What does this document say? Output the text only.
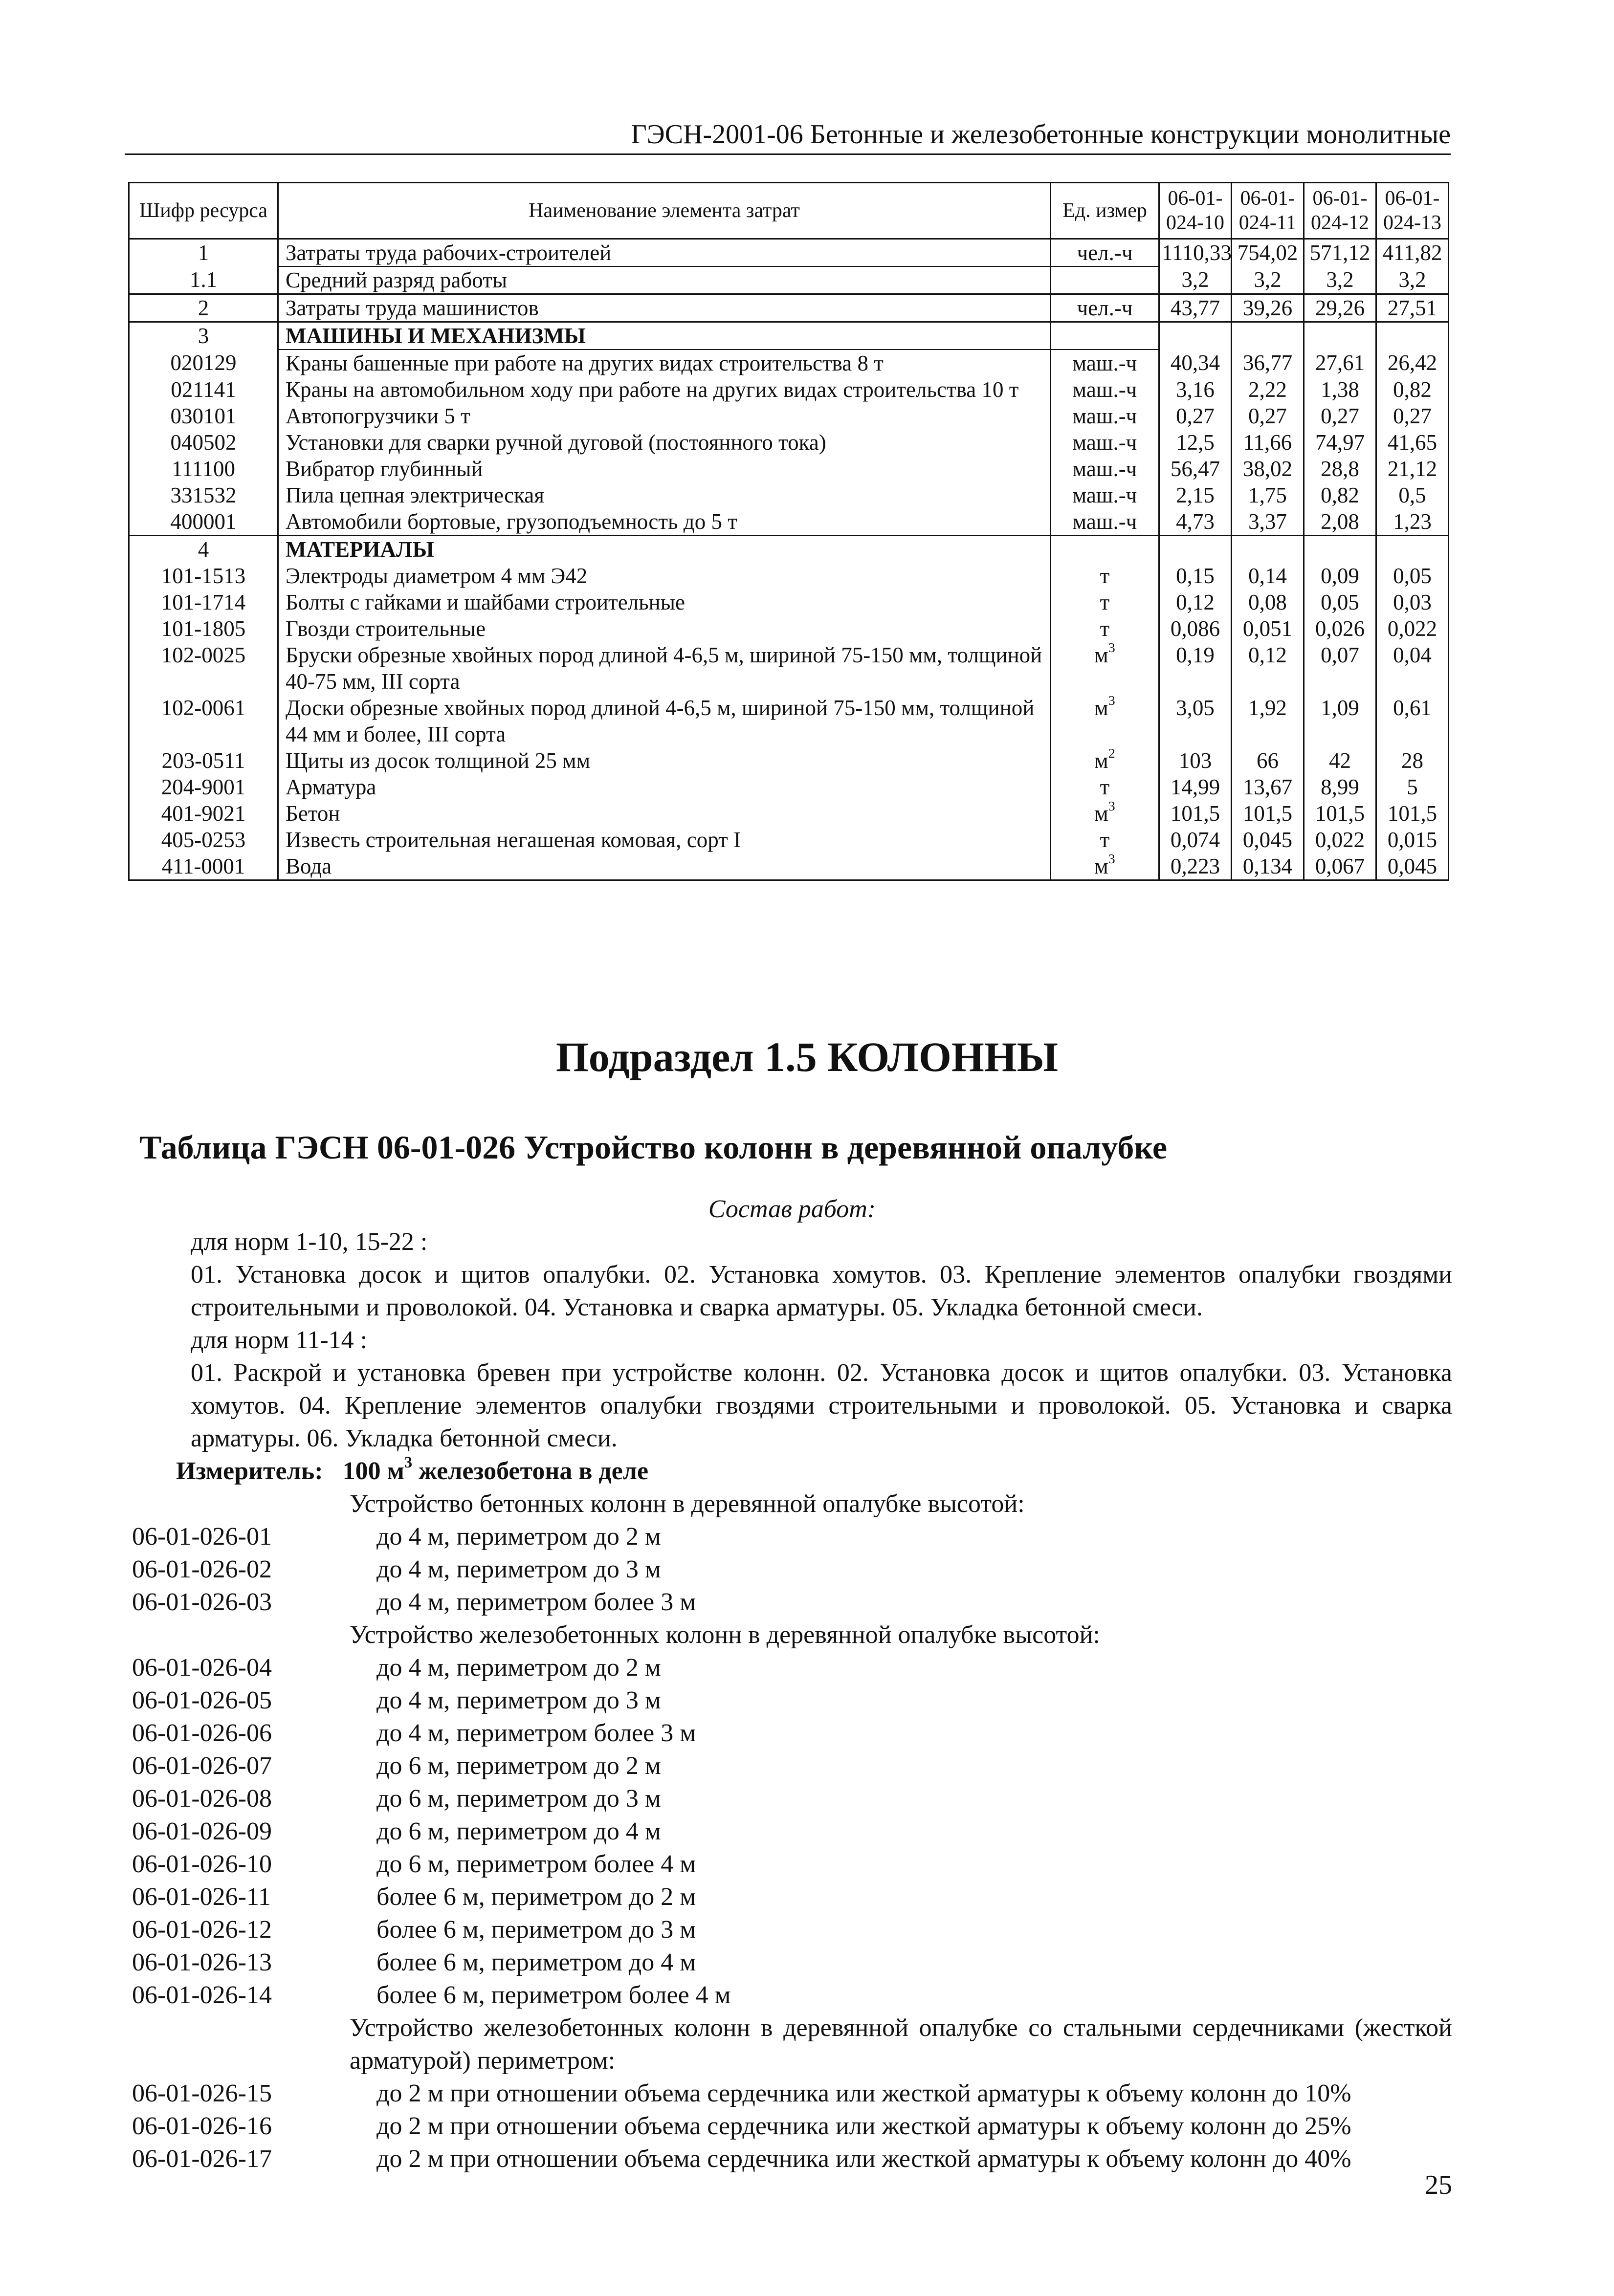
ГЭСН-2001-06 Бетонные и железобетонные конструкции монолитные
Шифр ресурса	Наименование элемента затрат	Ед. измер	06-01-024-10	06-01-024-11	06-01-024-12	06-01-024-13
1	Затраты труда рабочих-строителей	чел.-ч	1110,33	754,02	571,12	411,82
1.1	Средний разряд работы		3,2	3,2	3,2	3,2
2	Затраты труда машинистов	чел.-ч	43,77	39,26	29,26	27,51
3	МАШИНЫ И МЕХАНИЗМЫ					
020129	Краны башенные при работе на других видах строительства 8 т	маш.-ч	40,34	36,77	27,61	26,42
021141	Краны на автомобильном ходу при работе на других видах строительства 10 т	маш.-ч	3,16	2,22	1,38	0,82
030101	Автопогрузчики 5 т	маш.-ч	0,27	0,27	0,27	0,27
040502	Установки для сварки ручной дуговой (постоянного тока)	маш.-ч	12,5	11,66	74,97	41,65
111100	Вибратор глубинный	маш.-ч	56,47	38,02	28,8	21,12
331532	Пила цепная электрическая	маш.-ч	2,15	1,75	0,82	0,5
400001	Автомобили бортовые, грузоподъемность до 5 т	маш.-ч	4,73	3,37	2,08	1,23
4	МАТЕРИАЛЫ					
101-1513	Электроды диаметром 4 мм Э42	т	0,15	0,14	0,09	0,05
101-1714	Болты с гайками и шайбами строительные	т	0,12	0,08	0,05	0,03
101-1805	Гвозди строительные	т	0,086	0,051	0,026	0,022
102-0025	Бруски обрезные хвойных пород длиной 4-6,5 м, шириной 75-150 мм, толщиной 40-75 мм, III сорта	$м^3$	0,19	0,12	0,07	0,04
102-0061	Доски обрезные хвойных пород длиной 4-6,5 м, шириной 75-150 мм, толщиной 44 мм и более, III сорта	$м^3$	3,05	1,92	1,09	0,61
203-0511	Щиты из досок толщиной 25 мм	$м^2$	103	66	42	28
204-9001	Арматура	т	14,99	13,67	8,99	5
401-9021	Бетон	$м^3$	101,5	101,5	101,5	101,5
405-0253	Известь строительная негашеная комовая, сорт I	т	0,074	0,045	0,022	0,015
411-0001	Вода	$м^3$	0,223	0,134	0,067	0,045
Подраздел 1.5 КОЛОННЫ
Таблица ГЭСН 06-01-026 Устройство колонн в деревянной опалубке

Состав работ:

для норм 1-10, 15-22 :

01. Установка досок и щитов опалубки. 02. Установка хомутов. 03. Крепление элементов опалубки гвоздями строительными и проволокой. 04. Установка и сварка арматуры. 05. Укладка бетонной смеси.

для норм 11-14 :

01. Раскрой и установка бревен при устройстве колонн. 02. Установка досок и щитов опалубки. 03. Установка хомутов. 04. Крепление элементов опалубки гвоздями строительными и проволокой. 05. Установка и сварка арматуры. 06. Укладка бетонной смеси.

Измеритель: 100 $м^3$ железобетона в деле

Устройство бетонных колонн в деревянной опалубке высотой:

06-01-026-01	до 4 м, периметром до 2 м
06-01-026-02	до 4 м, периметром до 3 м
06-01-026-03	до 4 м, периметром более 3 м

Устройство железобетонных колонн в деревянной опалубке высотой:

06-01-026-04	до 4 м, периметром до 2 м
06-01-026-05	до 4 м, периметром до 3 м
06-01-026-06	до 4 м, периметром более 3 м
06-01-026-07	до 6 м, периметром до 2 м
06-01-026-08	до 6 м, периметром до 3 м
06-01-026-09	до 6 м, периметром до 4 м
06-01-026-10	до 6 м, периметром более 4 м
06-01-026-11	более 6 м, периметром до 2 м
06-01-026-12	более 6 м, периметром до 3 м
06-01-026-13	более 6 м, периметром до 4 м
06-01-026-14	более 6 м, периметром более 4 м

Устройство железобетонных колонн в деревянной опалубке со стальными сердечниками (жесткой арматурой) периметром:

06-01-026-15	до 2 м при отношении объема сердечника или жесткой арматуры к объему колонн до 10%
06-01-026-16	до 2 м при отношении объема сердечника или жесткой арматуры к объему колонн до 25%
06-01-026-17	до 2 м при отношении объема сердечника или жесткой арматуры к объему колонн до 40%
25
